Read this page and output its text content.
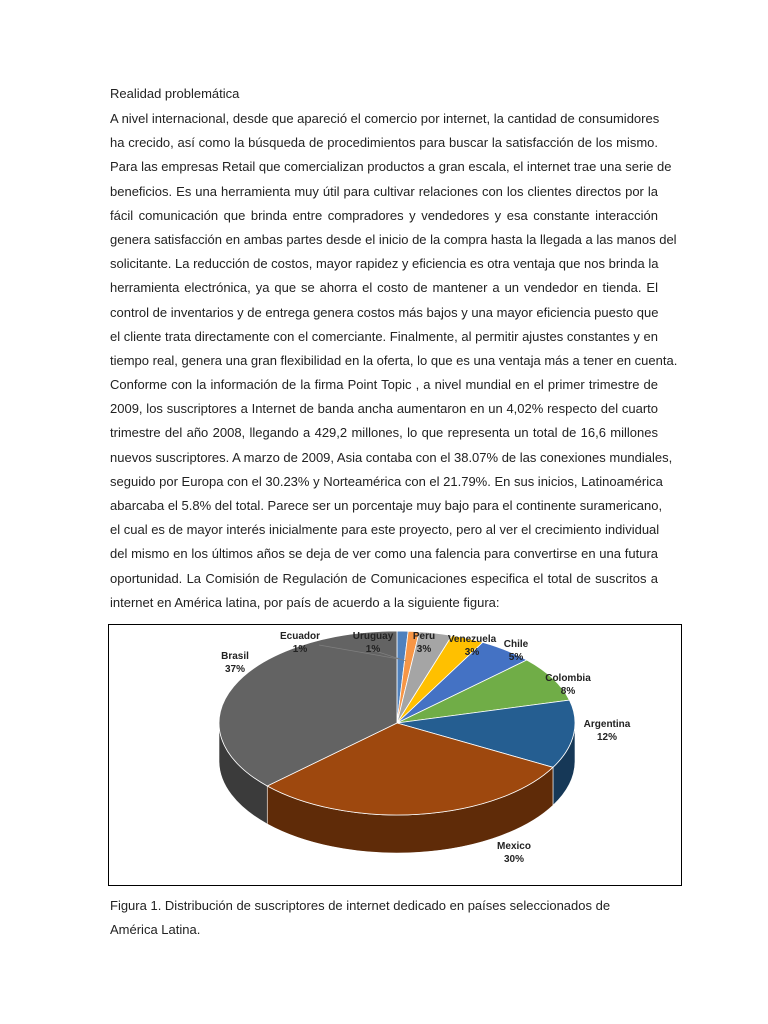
Realidad problemática
A nivel internacional, desde que apareció el comercio por internet, la cantidad de consumidores
ha crecido, así como la búsqueda de procedimientos para buscar la satisfacción de los mismo.
Para las empresas Retail que comercializan productos a gran escala, el internet trae una serie de
beneficios. Es una herramienta muy útil para cultivar relaciones con los clientes directos por la
fácil comunicación que brinda entre compradores y vendedores y esa constante interacción
genera satisfacción en ambas partes desde el inicio de la compra hasta la llegada a las manos del
solicitante. La reducción de costos, mayor rapidez y eficiencia es otra ventaja que nos brinda la
herramienta electrónica, ya que se ahorra el costo de mantener a un vendedor en tienda. El
control de inventarios y de entrega genera costos más bajos y una mayor eficiencia puesto que
el cliente trata directamente con el comerciante. Finalmente, al permitir ajustes constantes y en
tiempo real, genera una gran flexibilidad en la oferta, lo que es una ventaja más a tener en cuenta.
Conforme con la información de la firma Point Topic , a nivel mundial en el primer trimestre de
2009, los suscriptores a Internet de banda ancha aumentaron en un 4,02% respecto del cuarto
trimestre del año 2008, llegando a 429,2 millones, lo que representa un total de 16,6 millones
nuevos suscriptores. A marzo de 2009, Asia contaba con el 38.07% de las conexiones mundiales,
seguido por Europa con el 30.23% y Norteamérica con el 21.79%. En sus inicios, Latinoamérica
abarcaba el 5.8% del total. Parece ser un porcentaje muy bajo para el continente suramericano,
el cual es de mayor interés inicialmente para este proyecto, pero al ver el crecimiento individual
del mismo en los últimos años se deja de ver como una falencia para convertirse en una futura
oportunidad. La Comisión de Regulación de Comunicaciones especifica el total de suscritos a
internet en América latina, por país de acuerdo a la siguiente figura:
Ecuador
1%
Uruguay
1%
Peru
3%
Venezuela
3%
Chile
5%
Colombia
8%
Argentina
12%
Mexico
30%
Brasil
37%

Figura 1. Distribución de suscriptores de internet dedicado en países seleccionados de América Latina.
